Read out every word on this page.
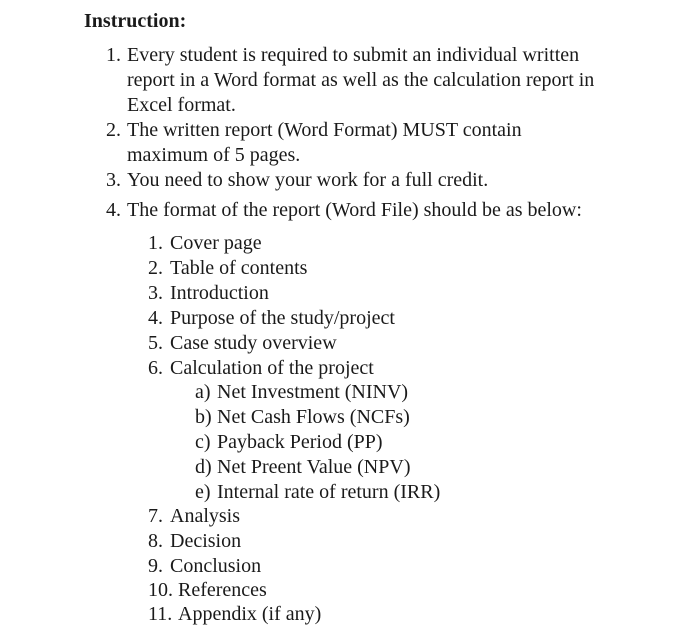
Instruction:
1. Every student is required to submit an individual written
report in a Word format as well as the calculation report in
Excel format.
2. The written report (Word Format) MUST contain
maximum of 5 pages.
3. You need to show your work for a full credit.
4. The format of the report (Word File) should be as below:
1. Cover page
2. Table of contents
3. Introduction
4. Purpose of the study/project
5. Case study overview
6. Calculation of the project
a) Net Investment (NINV)
b) Net Cash Flows (NCFs)
c) Payback Period (PP)
d) Net Preent Value (NPV)
e) Internal rate of return (IRR)
7. Analysis
8. Decision
9. Conclusion
10. References
11. Appendix (if any)
